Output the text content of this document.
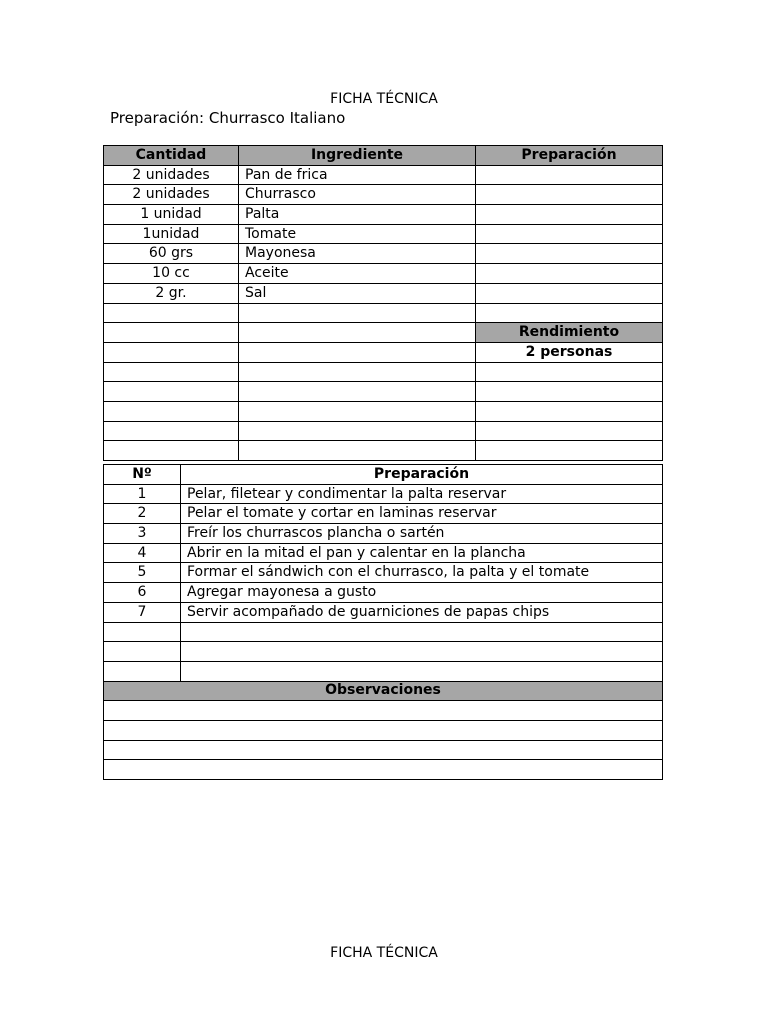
FICHA TÉCNICA
Preparación: Churrasco Italiano
Cantidad	Ingrediente	Preparación
2 unidades	Pan de frica	
2 unidades	Churrasco	
1 unidad	Palta	
1unidad	Tomate	
60 grs	Mayonesa	
10 cc	Aceite	
2 gr.	Sal	

		Rendimiento
		2 personas

Nº	Preparación
1	Pelar, filetear y condimentar la palta reservar
2	Pelar el tomate y cortar en laminas reservar
3	Freír los churrascos plancha o sartén
4	Abrir en la mitad el pan y calentar en la plancha
5	Formar el sándwich con el churrasco, la palta y el tomate
6	Agregar mayonesa a gusto
7	Servir acompañado de guarniciones de papas chips

Observaciones	

FICHA TÉCNICA
